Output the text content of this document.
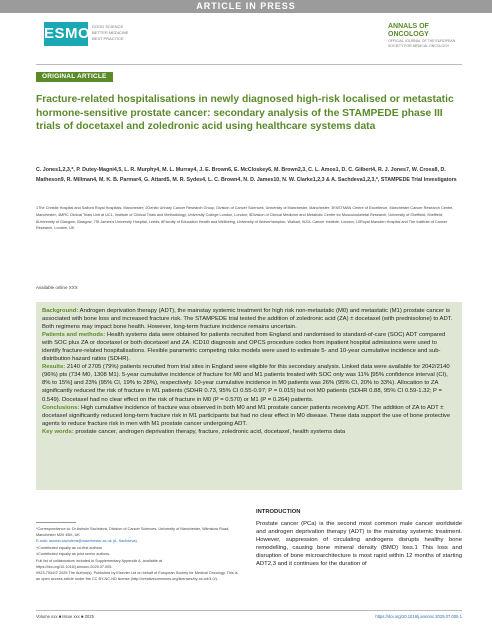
ARTICLE IN PRESS
ESMO GOOD SCIENCE
BETTER MEDICINE
BEST PRACTICE
ANNALS OF
ONCOLOGY
OFFICIAL JOURNAL OF THE EUROPEAN SOCIETY FOR MEDICAL ONCOLOGY
ORIGINAL ARTICLE
Fracture-related hospitalisations in newly diagnosed high-risk localised or metastatic hormone-sensitive prostate cancer: secondary analysis of the STAMPEDE phase III trials of docetaxel and zoledronic acid using healthcare systems data
C. Jones1,2,3,*, P. Dutey-Magni4,5, L. R. Murphy4, M. L. Murray4, J. E. Brown6, E. McCloskey6, M. Brown2,3, C. L. Amos1, D. C. Gilbert4, R. J. Jones7, W. Cross8, D. Matheson9, R. Millman4, M. K. B. Parmar4, G. Attard5, M. R. Sydes4, L. C. Brown4, N. D. James10, N. W. Clarke1,2,3 & A. Sachdeva1,2,3,*, STAMPEDE Trial Investigators
1The Christie Hospital and Salford Royal Hospitals, Manchester; 2Genito Urinary Cancer Research Group, Division of Cancer Sciences, University of Manchester, Manchester; 3FASTMAN Centre of Excellence, Manchester Cancer Research Centre, Manchester; 4MRC Clinical Trials Unit at UCL, Institute of Clinical Trials and Methodology, University College London, London; 5Division of Clinical Medicine and Metabolic Centre for Musculoskeletal Research, University of Sheffield, Sheffield; 6University of Glasgow, Glasgow; 7St James's University Hospital, Leeds; 8Faculty of Education Health and Wellbeing, University of Wolverhampton, Walsall; 9UCL Cancer Institute, London; 10Royal Marsden Hospital and The Institute of Cancer Research, London, UK
Available online XXX

Background: Androgen deprivation therapy (ADT), the mainstay systemic treatment for high risk non-metastatic (M0) and metastatic (M1) prostate cancer is associated with bone loss and increased fracture risk. The STAMPEDE trial tested the addition of zoledronic acid (ZA) ± docetaxel (with prednisolone) to ADT. Both regimens may impact bone health. However, long-term fracture incidence remains uncertain.

Patients and methods: Health systems data were obtained for patients recruited from England and randomised to standard-of-care (SOC) ADT compared with SOC plus ZA or docetaxel or both docetaxel and ZA. ICD10 diagnosis and OPCS procedure codes from inpatient hospital admissions were used to identify fracture-related hospitalisations. Flexible parametric competing risks models were used to estimate 5- and 10-year cumulative incidence and sub-distribution hazard ratios (SDHR).

Results: 2140 of 2705 (79%) patients recruited from trial sites in England were eligible for this secondary analysis. Linked data were available for 2042/2140 (96%) pts (734 M0, 1308 M1). 5-year cumulative incidence of fracture for M0 and M1 patients treated with SOC only was 11% [95% confidence interval (CI), 8% to 15%] and 23% (95% CI, 19% to 28%), respectively. 10-year cumulative incidence in M0 patients was 26% (95% CI, 20% to 33%). Allocation to ZA significantly reduced the risk of fracture in M1 patients (SDHR 0.73, 95% CI 0.55-0.97; P = 0.015) but not M0 patients (SDHR 0.88, 95% CI 0.59-1.32; P = 0.549). Docetaxel had no clear effect on the risk of fracture in M0 (P = 0.570) or M1 (P = 0.264) patients.

Conclusions: High cumulative incidence of fracture was observed in both M0 and M1 prostate cancer patients receiving ADT. The addition of ZA to ADT ± docetaxel significantly reduced long-term fracture risk in M1 participants but had no clear effect in M0 disease. These data support the use of bone protective agents to reduce fracture risk in men with M1 prostate cancer undergoing ADT.

Key words: prostate cancer, androgen deprivation therapy, fracture, zoledronic acid, docetaxel, health systems data

*Correspondence to: Dr Ashwin Sachdeva, Division of Cancer Sciences, University of Manchester, Wilmslow Road, Manchester M20 4BX, UK

E-mail: ashwin.sachdeva@manchester.ac.uk (A. Sachdeva).

†Contributed equally as co-first authors

‡Contributed equally as joint senior authors.

Full list of collaborators included in Supplementary Appendix A, available at https://doi.org/10.1016/j.annonc.2025.07.005.

0923-7534/© 2025 The Author(s). Published by Elsevier Ltd on behalf of European Society for Medical Oncology. This is an open access article under the CC BY-NC-ND license (http://creativecommons.org/licenses/by-nc-nd/4.0/).

INTRODUCTION
Prostate cancer (PCa) is the second most common male cancer worldwide and androgen deprivation therapy (ADT) is the mainstay systemic treatment. However, suppression of circulating androgens disrupts healthy bone remodelling, causing bone mineral density (BMD) loss.1 This loss and disruption of bone microarchitecture is most rapid within 12 months of starting ADT2,3 and it continues for the duration of
Volume xxx ■ Issue xxx ■ 2025	https://doi.org/10.1016/j.annonc.2025.07.005 1
